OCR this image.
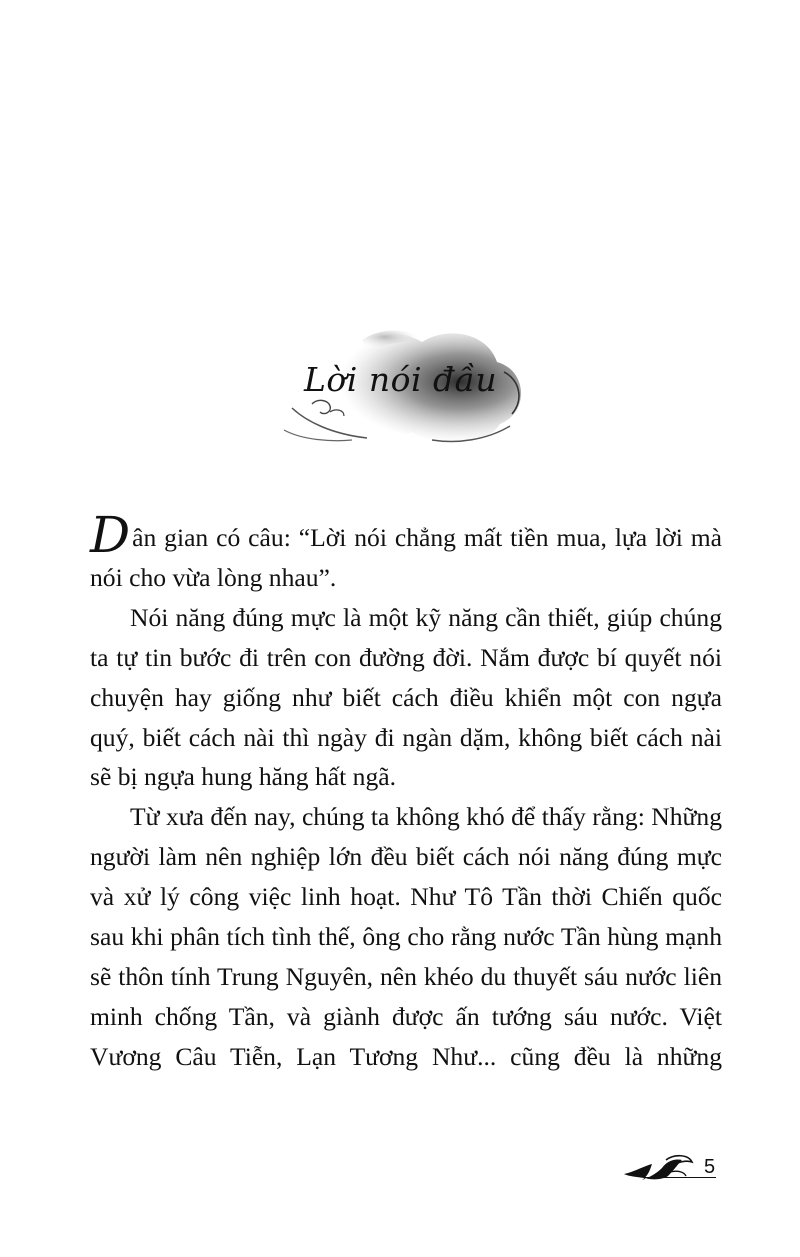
Lời nói đầu

Dân gian có câu: “Lời nói chẳng mất tiền mua, lựa lời mà nói cho vừa lòng nhau”.

Nói năng đúng mực là một kỹ năng cần thiết, giúp chúng ta tự tin bước đi trên con đường đời. Nắm được bí quyết nói chuyện hay giống như biết cách điều khiển một con ngựa quý, biết cách nài thì ngày đi ngàn dặm, không biết cách nài sẽ bị ngựa hung hăng hất ngã.

Từ xưa đến nay, chúng ta không khó để thấy rằng: Những người làm nên nghiệp lớn đều biết cách nói năng đúng mực và xử lý công việc linh hoạt. Như Tô Tần thời Chiến quốc sau khi phân tích tình thế, ông cho rằng nước Tần hùng mạnh sẽ thôn tính Trung Nguyên, nên khéo du thuyết sáu nước liên minh chống Tần, và giành được ấn tướng sáu nước. Việt Vương Câu Tiễn, Lạn Tương Như... cũng đều là những

5
